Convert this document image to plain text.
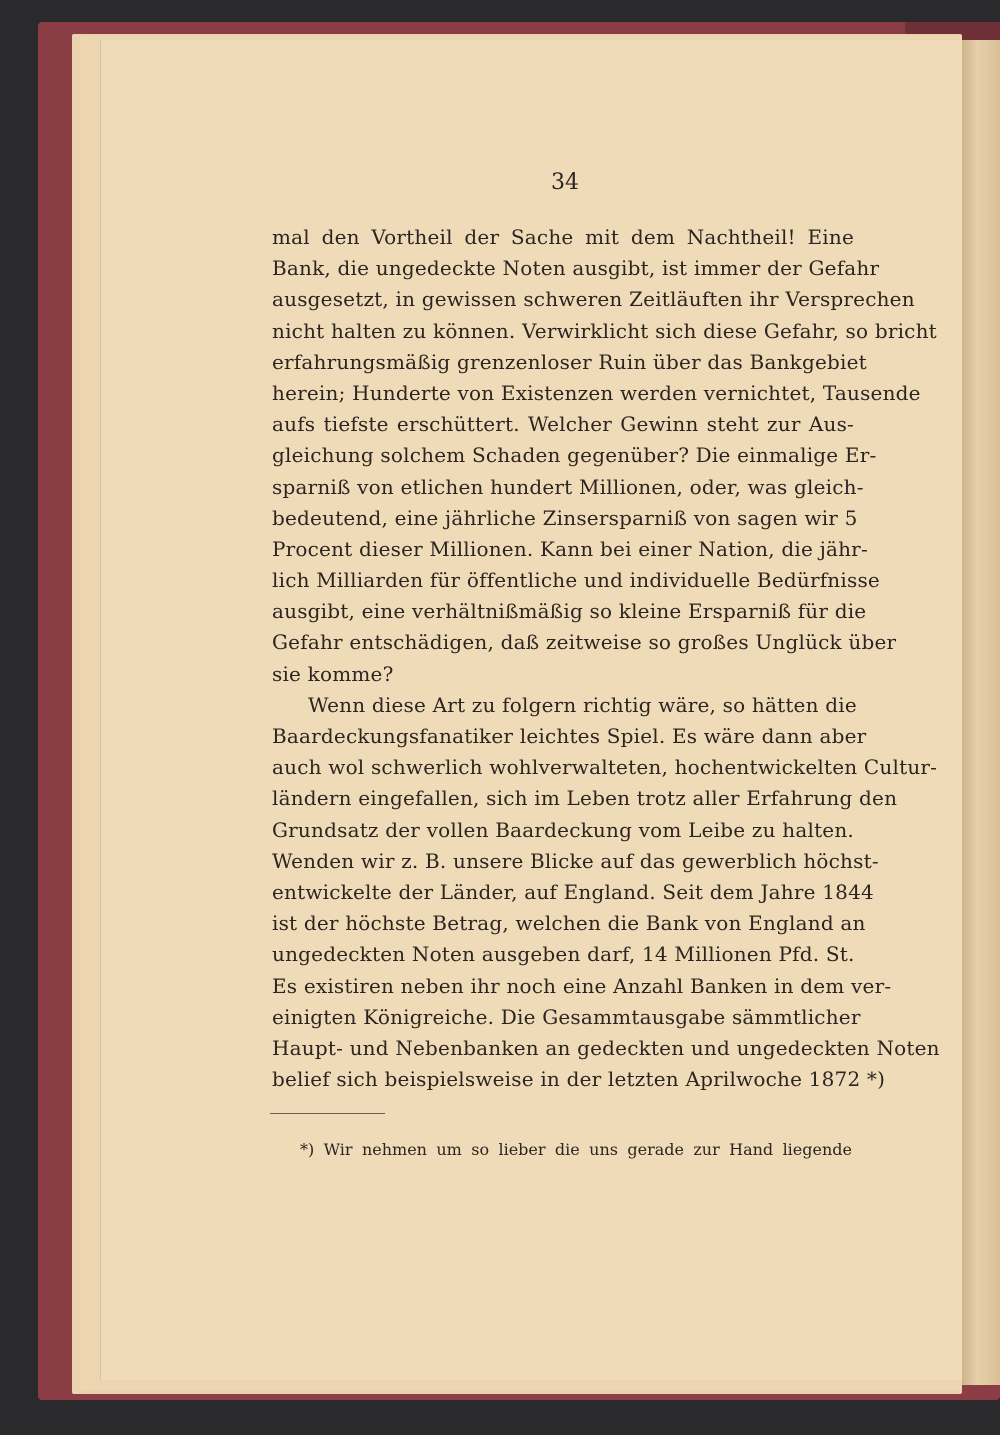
34
mal den Vortheil der Sache mit dem Nachtheil! Eine
Bank, die ungedeckte Noten ausgibt, ist immer der Gefahr
ausgesetzt, in gewissen schweren Zeitläuften ihr Versprechen
nicht halten zu können. Verwirklicht sich diese Gefahr, so bricht
erfahrungsmäßig grenzenloser Ruin über das Bankgebiet
herein; Hunderte von Existenzen werden vernichtet, Tausende
aufs tiefste erschüttert. Welcher Gewinn steht zur Aus-
gleichung solchem Schaden gegenüber? Die einmalige Er-
sparniß von etlichen hundert Millionen, oder, was gleich-
bedeutend, eine jährliche Zinsersparniß von sagen wir 5
Procent dieser Millionen. Kann bei einer Nation, die jähr-
lich Milliarden für öffentliche und individuelle Bedürfnisse
ausgibt, eine verhältnißmäßig so kleine Ersparniß für die
Gefahr entschädigen, daß zeitweise so großes Unglück über
sie komme?
Wenn diese Art zu folgern richtig wäre, so hätten die
Baardeckungsfanatiker leichtes Spiel. Es wäre dann aber
auch wol schwerlich wohlverwalteten, hochentwickelten Cultur-
ländern eingefallen, sich im Leben trotz aller Erfahrung den
Grundsatz der vollen Baardeckung vom Leibe zu halten.
Wenden wir z. B. unsere Blicke auf das gewerblich höchst-
entwickelte der Länder, auf England. Seit dem Jahre 1844
ist der höchste Betrag, welchen die Bank von England an
ungedeckten Noten ausgeben darf, 14 Millionen Pfd. St.
Es existiren neben ihr noch eine Anzahl Banken in dem ver-
einigten Königreiche. Die Gesammtausgabe sämmtlicher
Haupt- und Nebenbanken an gedeckten und ungedeckten Noten
belief sich beispielsweise in der letzten Aprilwoche 1872 *)
*) Wir nehmen um so lieber die uns gerade zur Hand liegende
